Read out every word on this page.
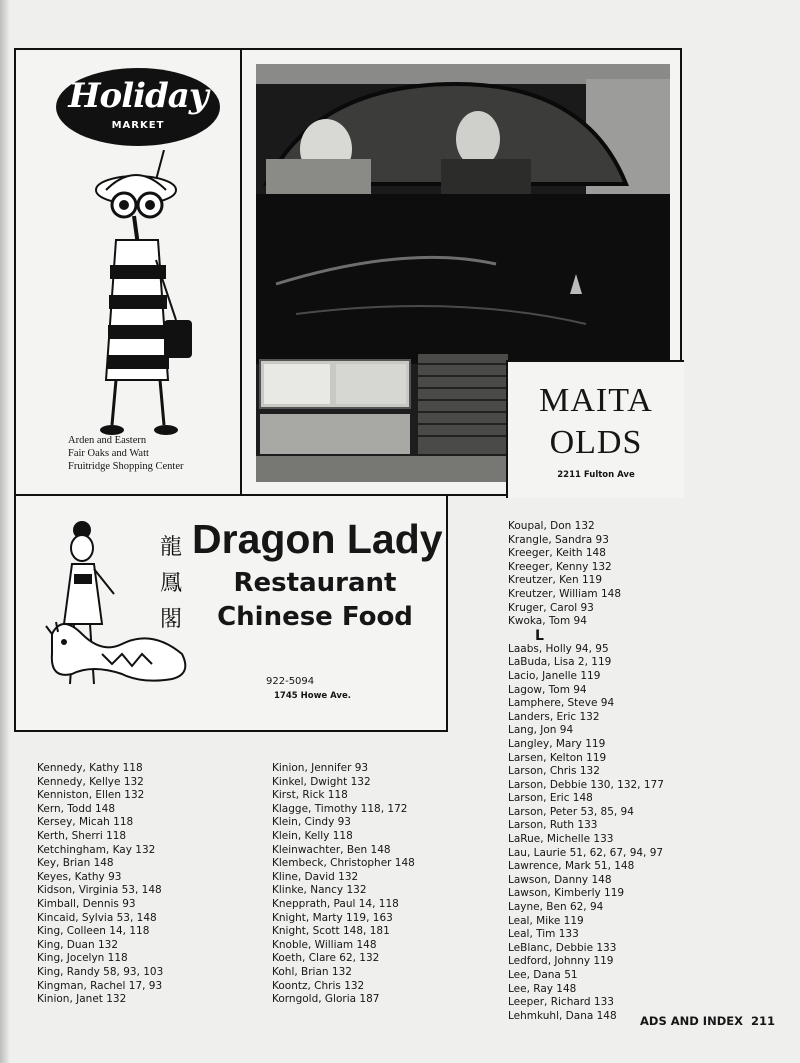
Holiday
MARKET
Arden and Eastern
Fair Oaks and Watt
Fruitridge Shopping Center
MAITA
OLDS
2211 Fulton Ave
龍
鳳
閣
Dragon Lady
Restaurant
Chinese Food
922-5094
1745 Howe Ave.
Kennedy, Kathy 118
Kennedy, Kellye 132
Kenniston, Ellen 132
Kern, Todd 148
Kersey, Micah 118
Kerth, Sherri 118
Ketchingham, Kay 132
Key, Brian 148
Keyes, Kathy 93
Kidson, Virginia 53, 148
Kimball, Dennis 93
Kincaid, Sylvia 53, 148
King, Colleen 14, 118
King, Duan 132
King, Jocelyn 118
King, Randy 58, 93, 103
Kingman, Rachel 17, 93
Kinion, Janet 132
Kinion, Jennifer 93
Kinkel, Dwight 132
Kirst, Rick 118
Klagge, Timothy 118, 172
Klein, Cindy 93
Klein, Kelly 118
Kleinwachter, Ben 148
Klembeck, Christopher 148
Kline, David 132
Klinke, Nancy 132
Knepprath, Paul 14, 118
Knight, Marty 119, 163
Knight, Scott 148, 181
Knoble, William 148
Koeth, Clare 62, 132
Kohl, Brian 132
Koontz, Chris 132
Korngold, Gloria 187
Koupal, Don 132
Krangle, Sandra 93
Kreeger, Keith 148
Kreeger, Kenny 132
Kreutzer, Ken 119
Kreutzer, William 148
Kruger, Carol 93
Kwoka, Tom 94
L
Laabs, Holly 94, 95
LaBuda, Lisa 2, 119
Lacio, Janelle 119
Lagow, Tom 94
Lamphere, Steve 94
Landers, Eric 132
Lang, Jon 94
Langley, Mary 119
Larsen, Kelton 119
Larson, Chris 132
Larson, Debbie 130, 132, 177
Larson, Eric 148
Larson, Peter 53, 85, 94
Larson, Ruth 133
LaRue, Michelle 133
Lau, Laurie 51, 62, 67, 94, 97
Lawrence, Mark 51, 148
Lawson, Danny 148
Lawson, Kimberly 119
Layne, Ben 62, 94
Leal, Mike 119
Leal, Tim 133
LeBlanc, Debbie 133
Ledford, Johnny 119
Lee, Dana 51
Lee, Ray 148
Leeper, Richard 133
Lehmkuhl, Dana 148	ADS AND INDEX 211
